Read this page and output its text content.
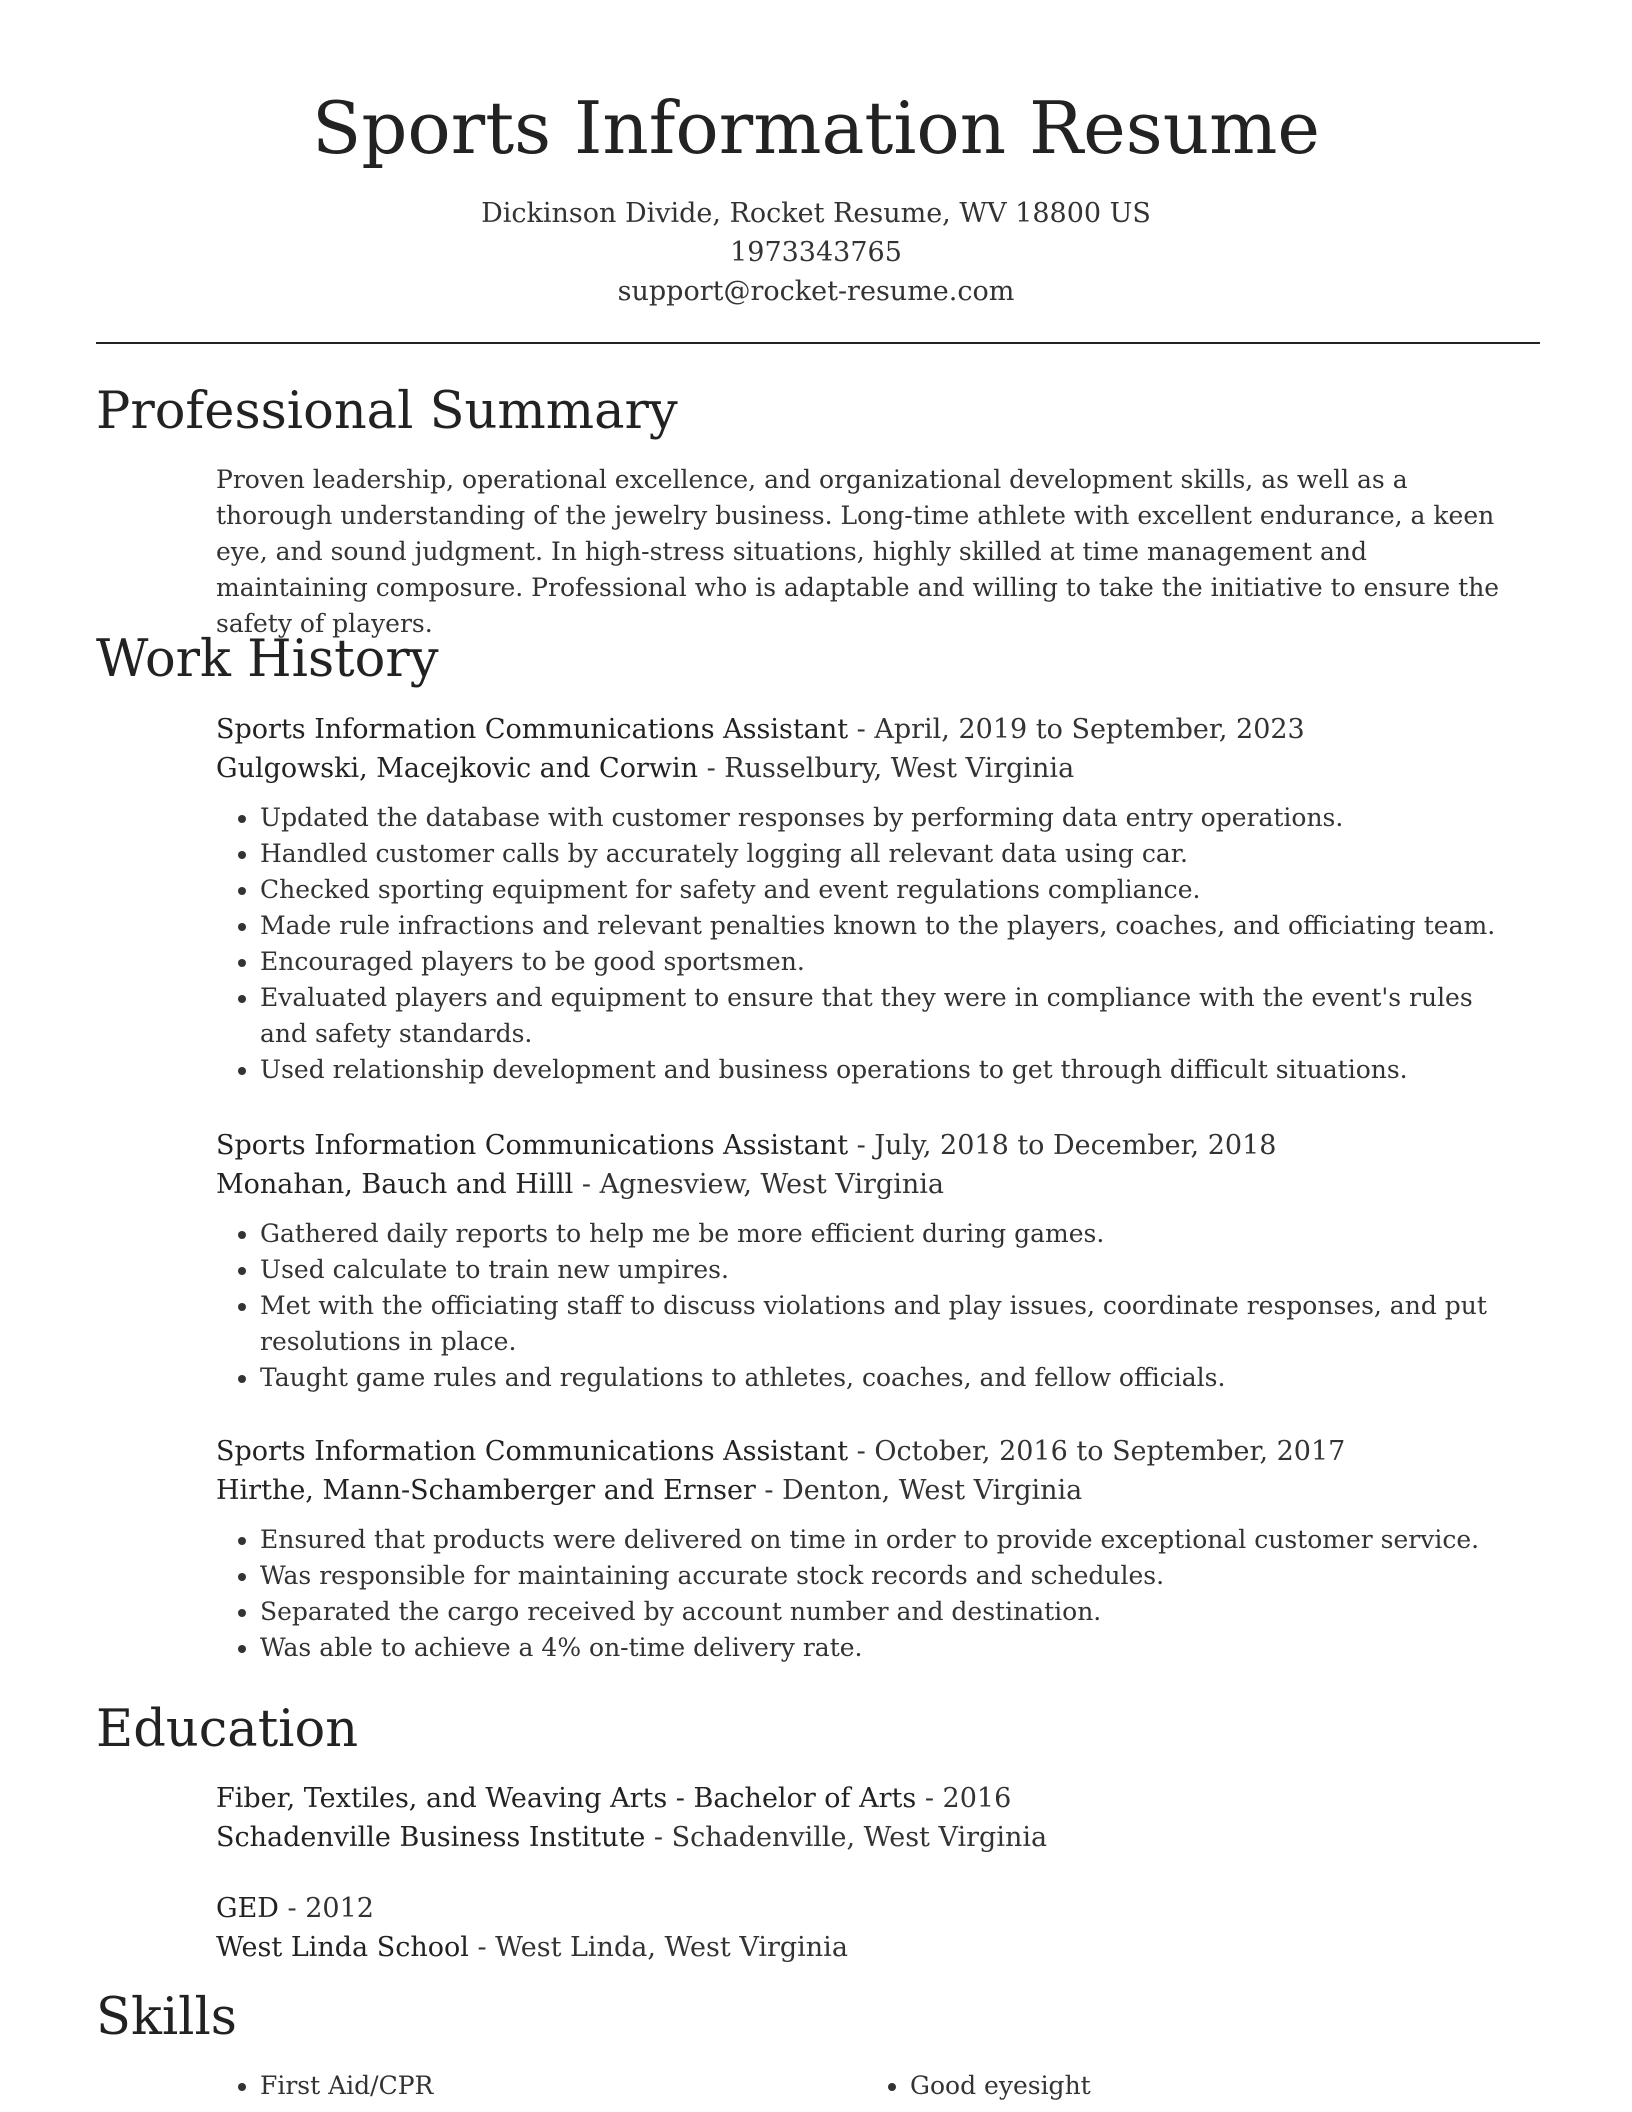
Sports Information Resume
Dickinson Divide, Rocket Resume, WV 18800 US
1973343765
support@rocket-resume.com
Professional Summary

Proven leadership, operational excellence, and organizational development skills, as well as a thorough understanding of the jewelry business. Long-time athlete with excellent endurance, a keen eye, and sound judgment. In high-stress situations, highly skilled at time management and maintaining composure. Professional who is adaptable and willing to take the initiative to ensure the safety of players.

Work History
Sports Information Communications Assistant - April, 2019 to September, 2023
Gulgowski, Macejkovic and Corwin - Russelbury, West Virginia
• Updated the database with customer responses by performing data entry operations.
• Handled customer calls by accurately logging all relevant data using car.
• Checked sporting equipment for safety and event regulations compliance.
• Made rule infractions and relevant penalties known to the players, coaches, and officiating team.
• Encouraged players to be good sportsmen.
• Evaluated players and equipment to ensure that they were in compliance with the event's rules and safety standards.
• Used relationship development and business operations to get through difficult situations.
Sports Information Communications Assistant - July, 2018 to December, 2018
Monahan, Bauch and Hilll - Agnesview, West Virginia
• Gathered daily reports to help me be more efficient during games.
• Used calculate to train new umpires.
• Met with the officiating staff to discuss violations and play issues, coordinate responses, and put resolutions in place.
• Taught game rules and regulations to athletes, coaches, and fellow officials.
Sports Information Communications Assistant - October, 2016 to September, 2017
Hirthe, Mann-Schamberger and Ernser - Denton, West Virginia
• Ensured that products were delivered on time in order to provide exceptional customer service.
• Was responsible for maintaining accurate stock records and schedules.
• Separated the cargo received by account number and destination.
• Was able to achieve a 4% on-time delivery rate.
Education
Fiber, Textiles, and Weaving Arts - Bachelor of Arts - 2016
Schadenville Business Institute - Schadenville, West Virginia
GED - 2012
West Linda School - West Linda, West Virginia
Skills
• First Aid/CPR
•	Good eyesight
